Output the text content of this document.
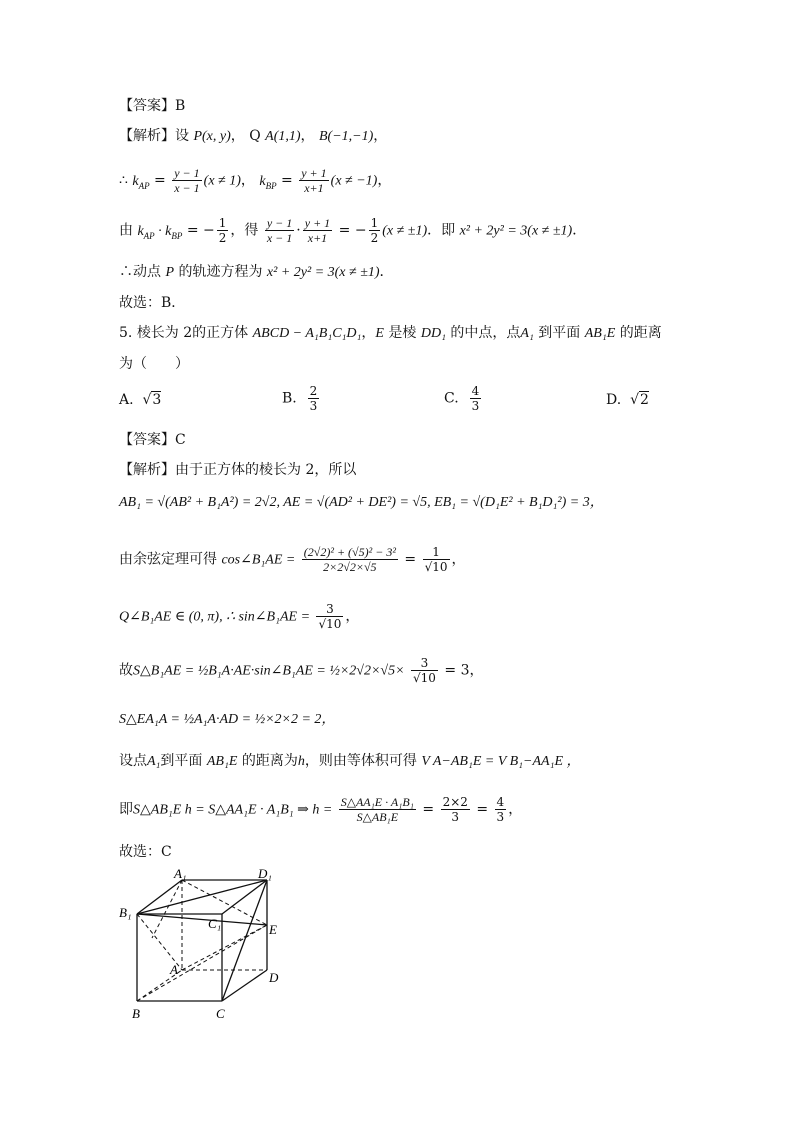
【答案】B
【解析】设 P(x, y)， Q A(1,1)， B(−1,−1)，
∴ $k_{AP} = \frac{y - 1}{x - 1} (x \ne 1)$， $k_{BP} = \frac{y + 1}{x+1} (x \ne -1)$，
由 $k_{AP} \cdot k_{BP}$ = − $\frac{1}{2}$ ，得 $\frac{y - 1}{x - 1} \cdot \frac{y + 1}{x+1}$ = − $\frac{1}{2} (x \ne \pm 1)$．即 x² + 2y² = 3(x ≠ ±1)．
∴动点 P 的轨迹方程为 x² + 2y² = 3(x ≠ ±1)．
故选：B．
5. 棱长为 2的正方体 ABCD − A₁B₁C₁D₁，E 是棱 DD₁ 的中点，点A₁ 到平面 AB₁E 的距离
为（　　）
A.  √3	B. $\frac{2}{3}$	C. $\frac{4}{3}$	D.  √2
【答案】C
【解析】由于正方体的棱长为 2，所以
AB₁ = √(AB² + B₁A²) = 2√2, AE = √(AD² + DE²) = √5, EB₁ = √(D₁E² + B₁D₁²) = 3，
由余弦定理可得 cos∠B₁AE = $\frac{\text{(2√2)² + (√5)² − 3²}}{2\times 2√2\times√5} = \frac{1}{√10}$ ，
Q∠B₁AE ∈ (0, π), ∴ sin∠B₁AE = $\frac{3}{√10}$ ，
故S△B₁AE = ½B₁A·AE·sin∠B₁AE = ½×2√2×√5× $\frac{3}{√10} = 3$，
S△EA₁A = ½A₁A·AD = ½×2×2 = 2，
设点A₁到平面 AB₁E 的距离为h，则由等体积可得 V A−AB₁E = V B₁−AA₁E ，
即S△AB₁E h = S△AA₁E · A₁B₁ ⇒ $h = \frac{\text{S△AA₁E · A₁B₁}}{\text{S△AB₁E}} = \frac{2\times 2}{3} = \frac{4}{3}$ ，
故选：C
A₁	D₁
B₁
C₁	E
A
D
B	C
